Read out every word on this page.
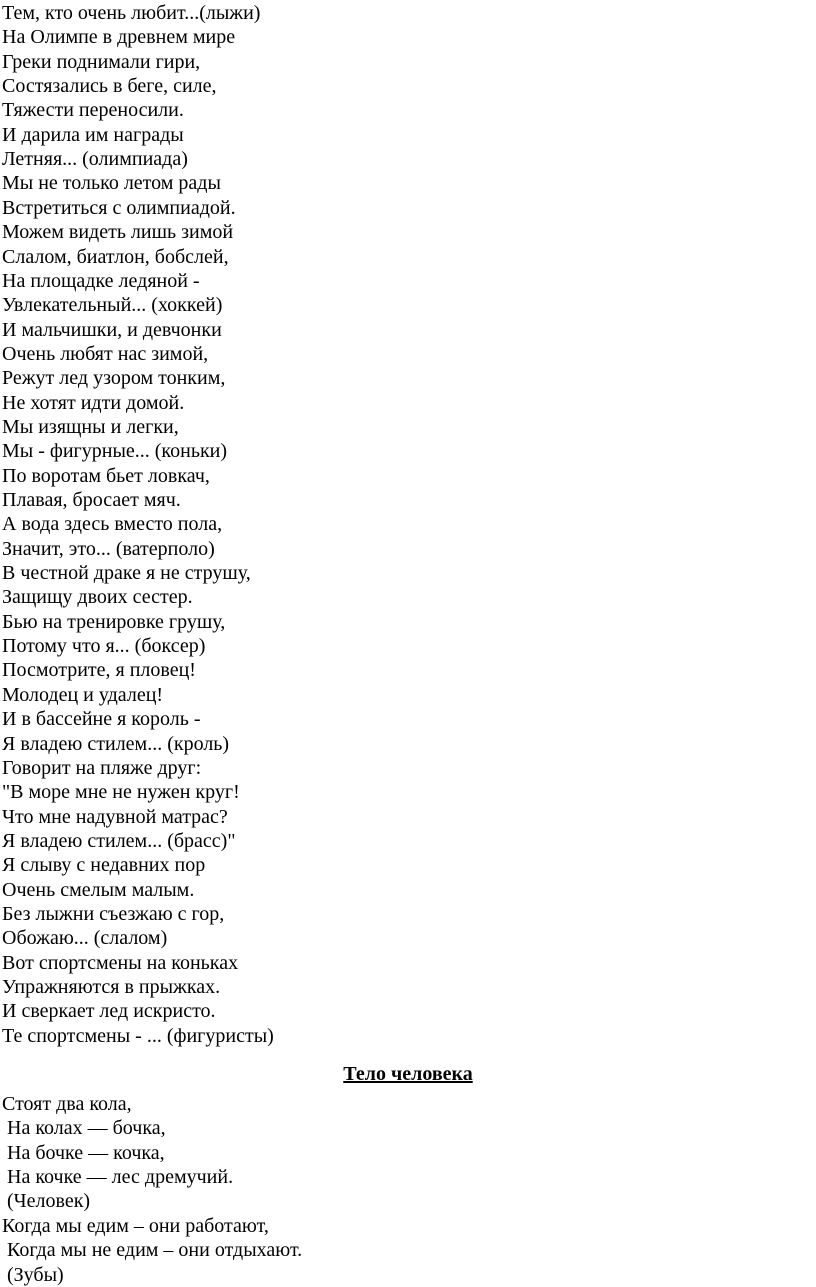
Тем, кто очень любит...(лыжи)
На Олимпе в древнем мире
Греки поднимали гири,
Состязались в беге, силе,
Тяжести переносили.
И дарила им награды
Летняя... (олимпиада)
Мы не только летом рады
Встретиться с олимпиадой.
Можем видеть лишь зимой
Слалом, биатлон, бобслей,
На площадке ледяной -
Увлекательный... (хоккей)
И мальчишки, и девчонки
Очень любят нас зимой,
Режут лед узором тонким,
Не хотят идти домой.
Мы изящны и легки,
Мы - фигурные... (коньки)
По воротам бьет ловкач,
Плавая, бросает мяч.
А вода здесь вместо пола,
Значит, это... (ватерполо)
В честной драке я не струшу,
Защищу двоих сестер.
Бью на тренировке грушу,
Потому что я... (боксер)
Посмотрите, я пловец!
Молодец и удалец!
И в бассейне я король -
Я владею стилем... (кроль)
Говорит на пляже друг:
"В море мне не нужен круг!
Что мне надувной матрас?
Я владею стилем... (брасс)"
Я слыву с недавних пор
Очень смелым малым.
Без лыжни съезжаю с гор,
Обожаю... (слалом)
Вот спортсмены на коньках
Упражняются в прыжках.
И сверкает лед искристо.
Те спортсмены - ... (фигуристы)
Тело человека
Стоят два кола,
На колах — бочка,
На бочке — кочка,
На кочке — лес дремучий.
(Человек)
Когда мы едим – они работают,
Когда мы не едим – они отдыхают.
(Зубы)
